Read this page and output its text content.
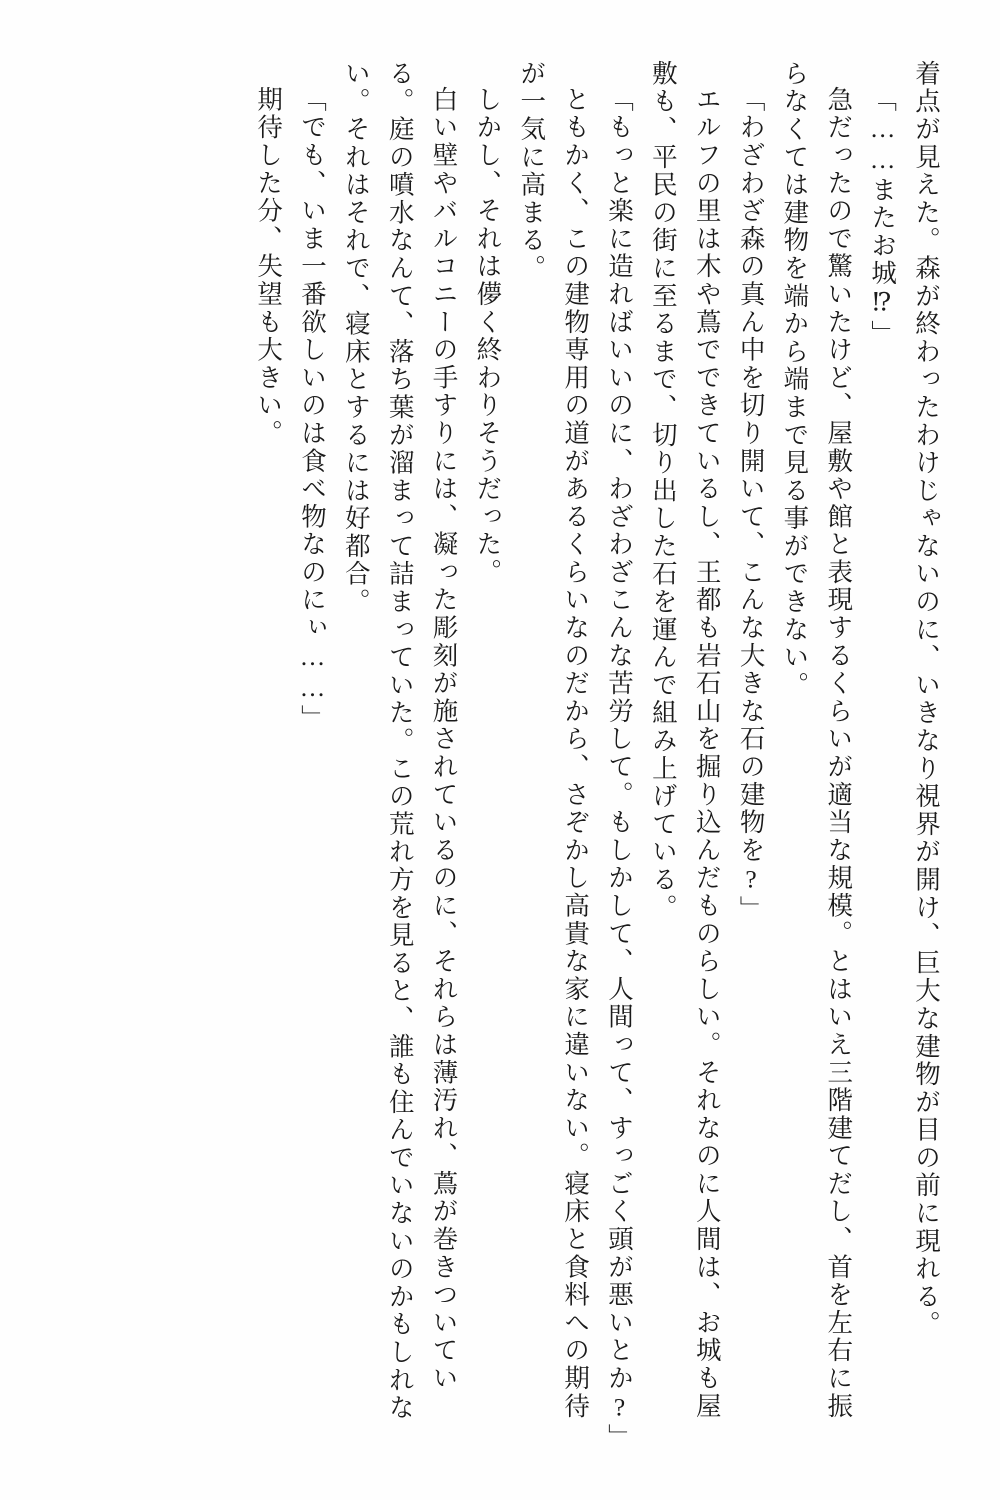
着点が見えた。森が終わったわけじゃないのに、いきなり視界が開け、巨大な建物が目の前に現れる。

「……またお城⁉」

急だったので驚いたけど、屋敷や館と表現するくらいが適当な規模。とはいえ三階建てだし、首を左右に振らなくては建物を端から端まで見る事ができない。

「わざわざ森の真ん中を切り開いて、こんな大きな石の建物を?」

エルフの里は木や蔦でできているし、王都も岩石山を掘り込んだものらしい。それなのに人間は、お城も屋敷も、平民の街に至るまで、切り出した石を運んで組み上げている。

「もっと楽に造ればいいのに、わざわざこんな苦労して。もしかして、人間って、すっごく頭が悪いとか?」

ともかく、この建物専用の道があるくらいなのだから、さぞかし高貴な家に違いない。寝床と食料への期待が一気に高まる。

しかし、それは儚く終わりそうだった。

白い壁やバルコニーの手すりには、凝った彫刻が施されているのに、それらは薄汚れ、蔦が巻きついている。庭の噴水なんて、落ち葉が溜まって詰まっていた。この荒れ方を見ると、誰も住んでいないのかもしれない。それはそれで、寝床とするには好都合。

「でも、いま一番欲しいのは食べ物なのにぃ……」

期待した分、失望も大きい。
